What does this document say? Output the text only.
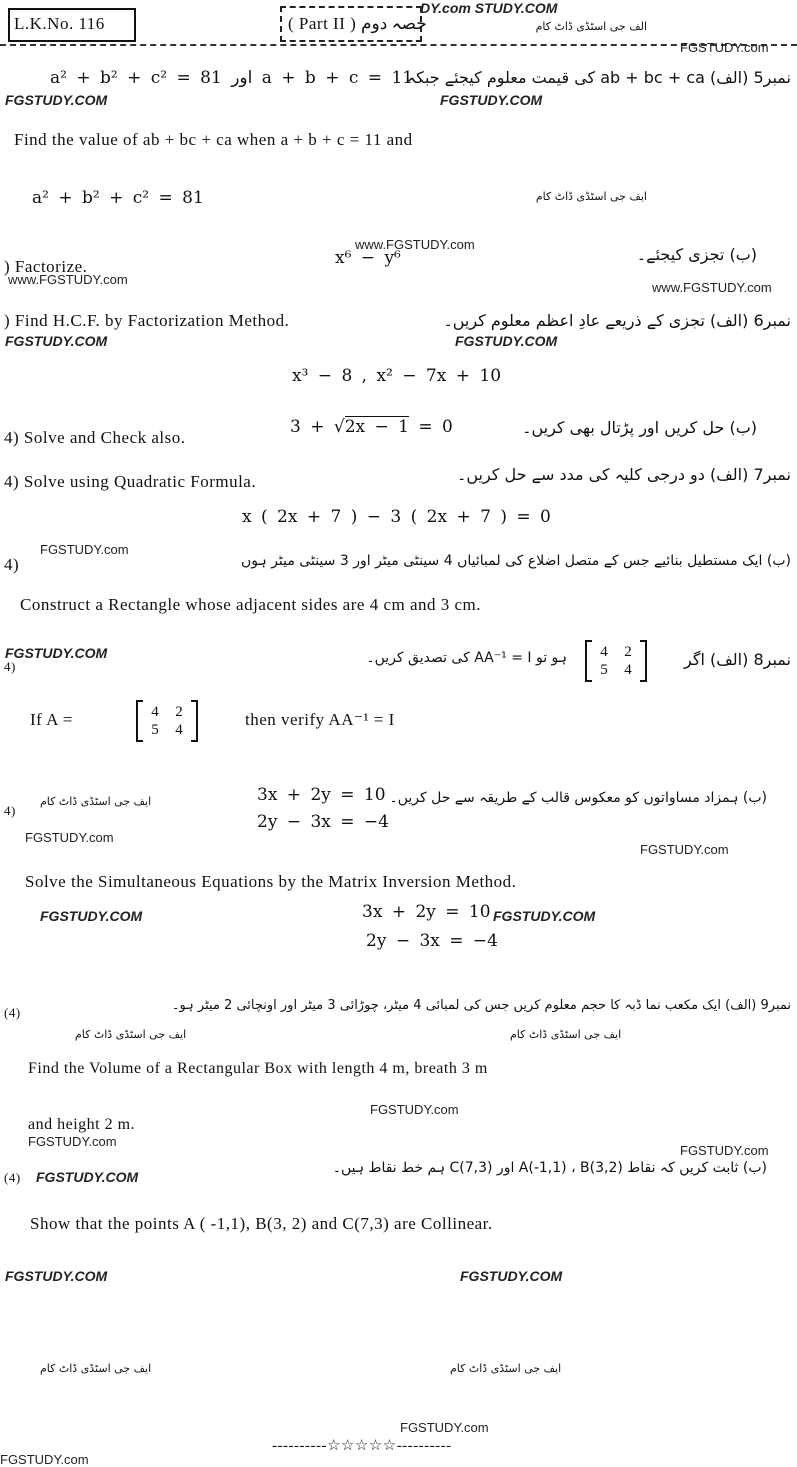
L.K.No. 116	( Part II ) حصہ دوم
DY.com STUDY.COM
الف جی اسٹڈی ڈاٹ کام
FGSTUDY.com
a² + b² + c² = 81 اور a + b + c = 11
نمبر5 (الف) ab + bc + ca کی قیمت معلوم کیجئے جبکہ
FGSTUDY.COM	FGSTUDY.COM
Find the value of ab + bc + ca when a + b + c = 11 and
a² + b² + c² = 81	ایف جی اسٹڈی ڈاٹ کام
) Factorize.	x⁶ − y⁶
www.FGSTUDY.com
(ب) تجزی کیجئے۔
www.FGSTUDY.com
www.FGSTUDY.com
) Find H.C.F. by Factorization Method.	نمبر6 (الف) تجزی کے ذریعے عادِ اعظم معلوم کریں۔
FGSTUDY.COM	FGSTUDY.COM
x³ − 8 , x² − 7x + 10
4) Solve and Check also.
3 + √2x − 1 = 0	(ب) حل کریں اور پڑتال بھی کریں۔
4) Solve using Quadratic Formula.	نمبر7 (الف) دو درجی کلیہ کی مدد سے حل کریں۔
x ( 2x + 7 ) − 3 ( 2x + 7 ) = 0
4)
FGSTUDY.com
(ب) ایک مستطیل بنائیے جس کے متصل اضلاع کی لمبائیاں 4 سینٹی میٹر اور 3 سینٹی میٹر ہوں
Construct a Rectangle whose adjacent sides are 4 cm and 3 cm.
FGSTUDY.COM
4)	نمبر8 (الف) اگر
4	2
5	4
ہو تو AA⁻¹ = I کی تصدیق کریں۔
If A =	4	2
5	4
then verify AA⁻¹ = I
ایف جی اسٹڈی ڈاٹ کام
4)
3x + 2y = 10
2y − 3x = −4
(ب) ہمزاد مساواتوں کو معکوس قالب کے طریقہ سے حل کریں۔
FGSTUDY.com
FGSTUDY.com
Solve the Simultaneous Equations by the Matrix Inversion Method.
FGSTUDY.COM	3x + 2y = 10 FGSTUDY.COM
2y − 3x = −4
(4)	نمبر9 (الف) ایک مکعب نما ڈبہ کا حجم معلوم کریں جس کی لمبائی 4 میٹر، چوڑائی 3 میٹر اور اونچائی 2 میٹر ہو۔
ایف جی اسٹڈی ڈاٹ کام	ایف جی اسٹڈی ڈاٹ کام
Find the Volume of a Rectangular Box with length 4 m, breath 3 m
FGSTUDY.com
and height 2 m.
FGSTUDY.com
FGSTUDY.com
(4) FGSTUDY.COM
(ب) ثابت کریں کہ نقاط A(-1,1) ، B(3,2) اور C(7,3) ہم خط نقاط ہیں۔
Show that the points A ( -1,1), B(3, 2) and C(7,3) are Collinear.
FGSTUDY.COM	FGSTUDY.COM
ایف جی اسٹڈی ڈاٹ کام	ایف جی اسٹڈی ڈاٹ کام
FGSTUDY.com
----------☆☆☆☆☆----------
FGSTUDY.com
